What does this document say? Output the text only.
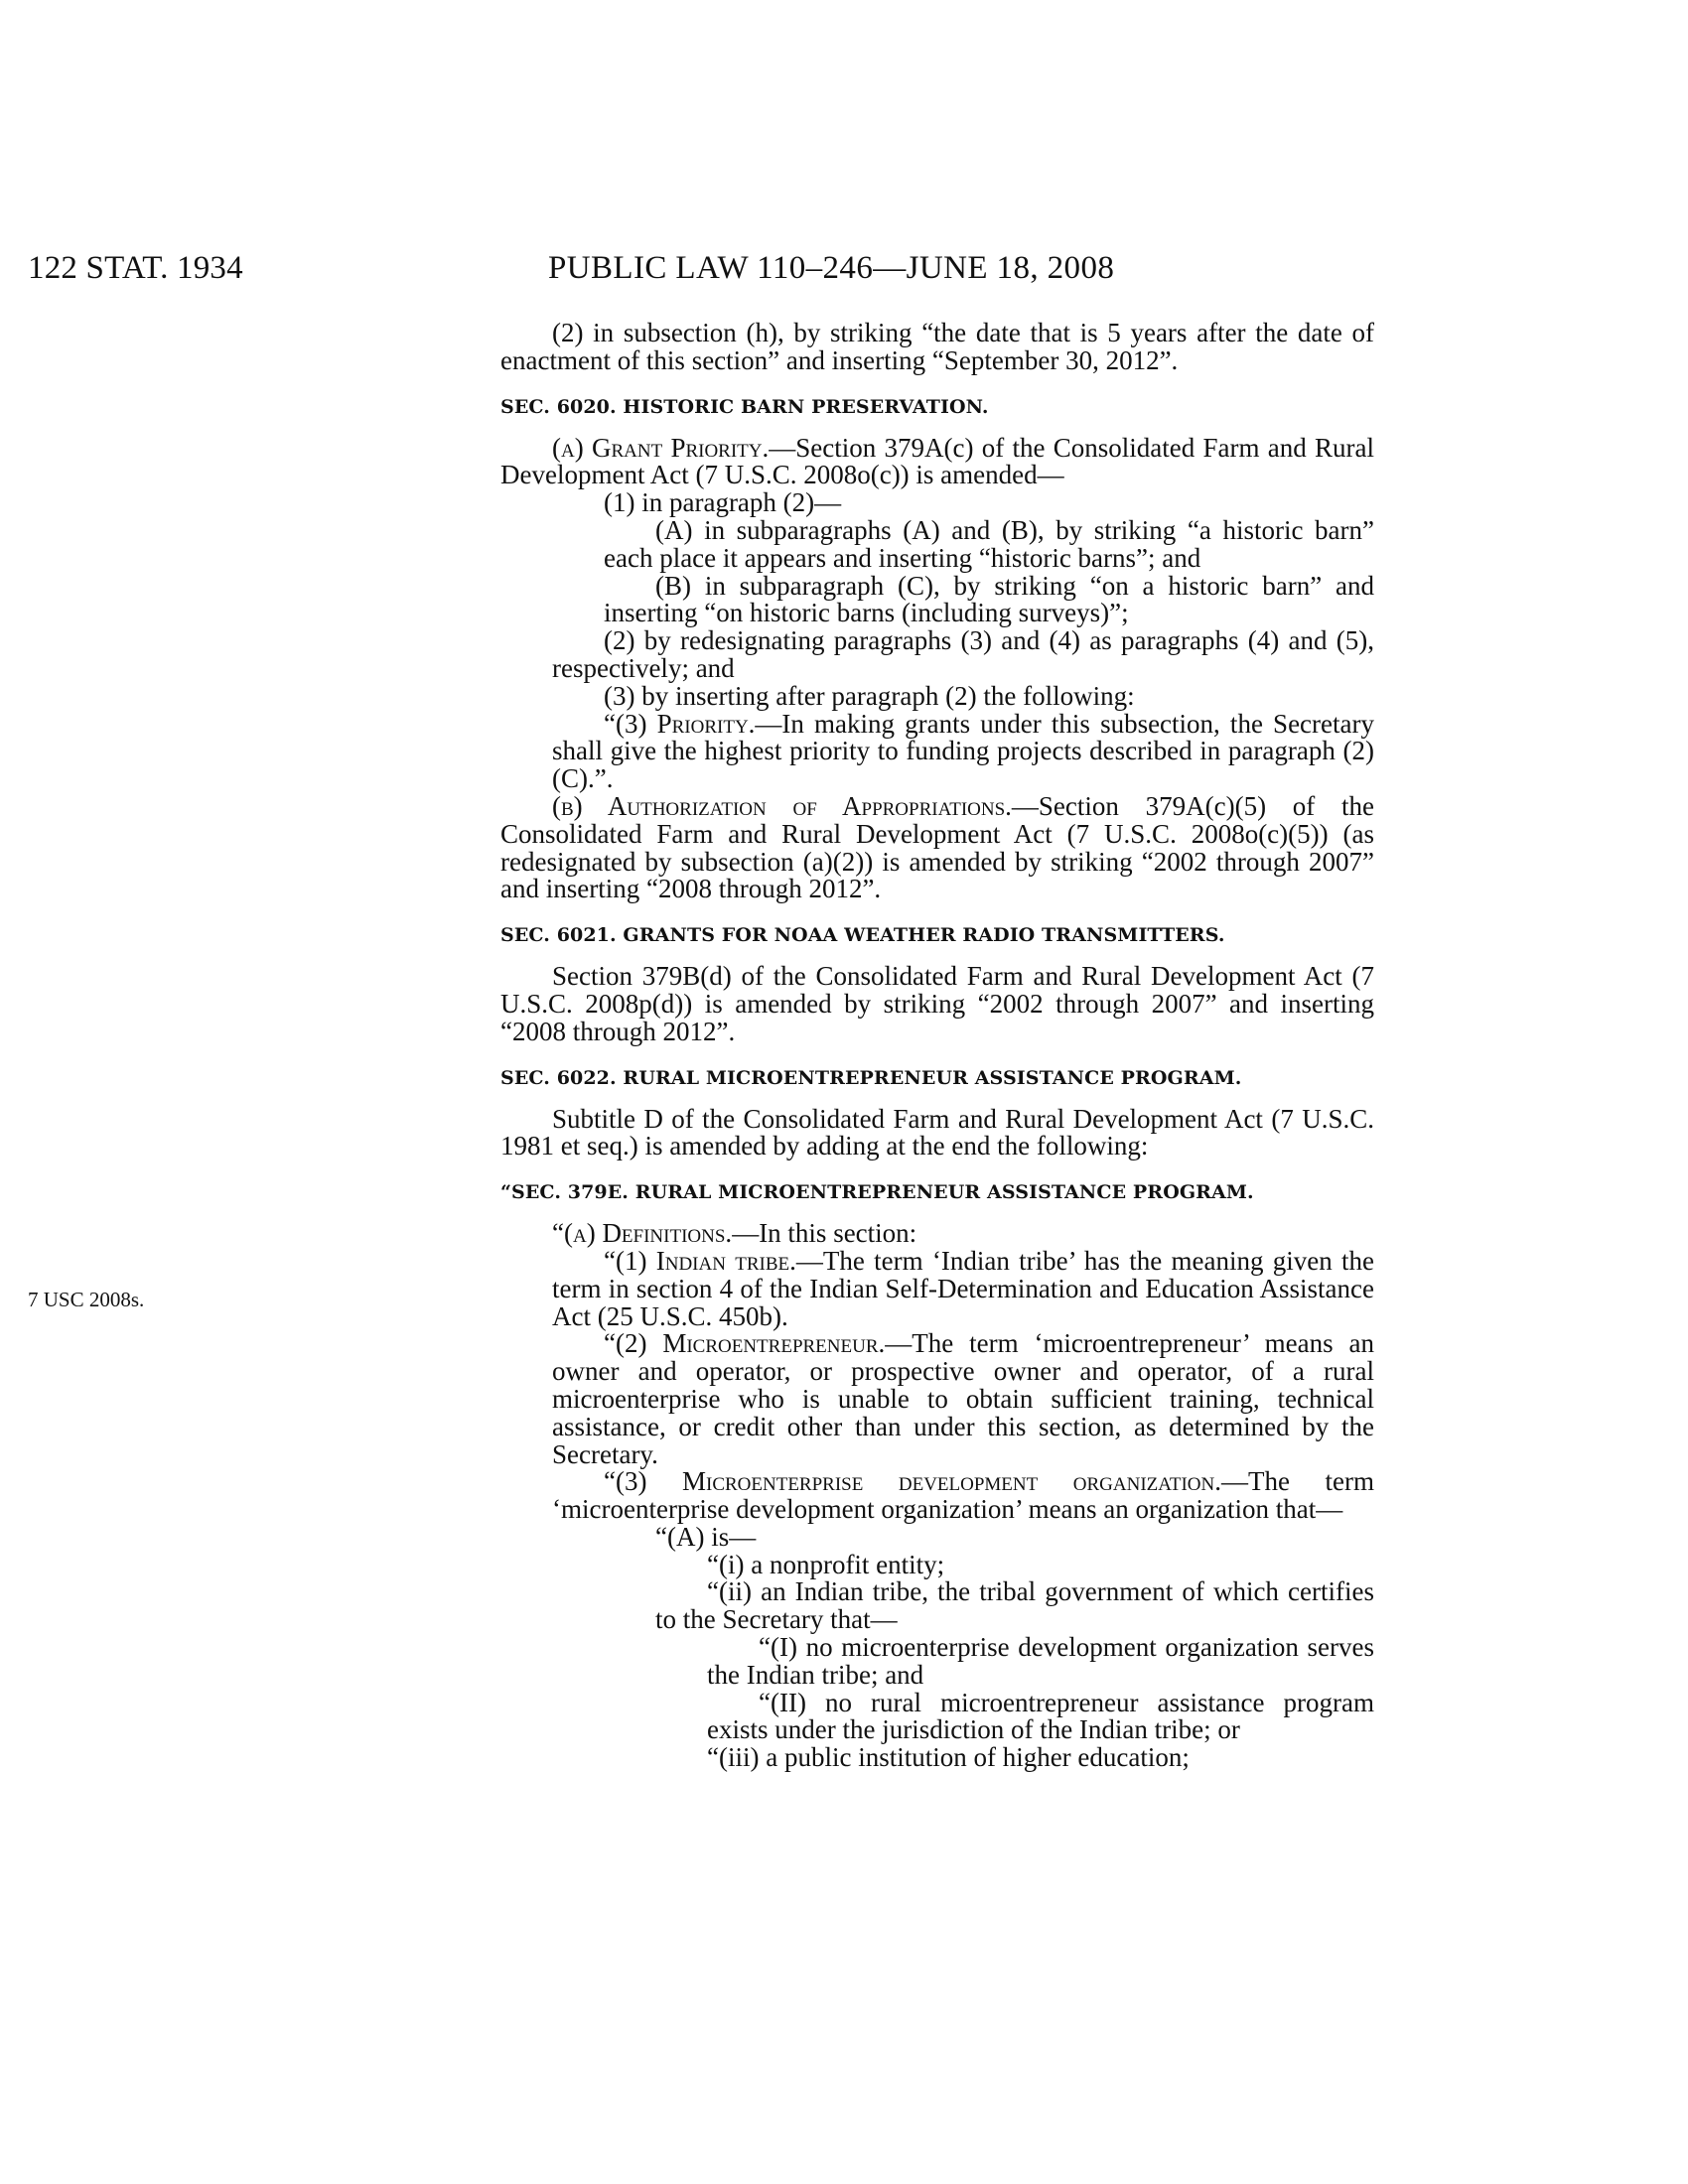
122 STAT. 1934	PUBLIC LAW 110–246—JUNE 18, 2008
7 USC 2008s.

(2) in subsection (h), by striking “the date that is 5 years after the date of enactment of this section” and inserting “September 30, 2012”.

SEC. 6020. HISTORIC BARN PRESERVATION.

(a) Grant Priority.—Section 379A(c) of the Consolidated Farm and Rural Development Act (7 U.S.C. 2008o(c)) is amended—

(1) in paragraph (2)—

(A) in subparagraphs (A) and (B), by striking “a historic barn” each place it appears and inserting “historic barns”; and

(B) in subparagraph (C), by striking “on a historic barn” and inserting “on historic barns (including surveys)”;

(2) by redesignating paragraphs (3) and (4) as paragraphs (4) and (5), respectively; and

(3) by inserting after paragraph (2) the following:

“(3) Priority.—In making grants under this subsection, the Secretary shall give the highest priority to funding projects described in paragraph (2)(C).”.

(b) Authorization of Appropriations.—Section 379A(c)(5) of the Consolidated Farm and Rural Development Act (7 U.S.C. 2008o(c)(5)) (as redesignated by subsection (a)(2)) is amended by striking “2002 through 2007” and inserting “2008 through 2012”.

SEC. 6021. GRANTS FOR NOAA WEATHER RADIO TRANSMITTERS.

Section 379B(d) of the Consolidated Farm and Rural Development Act (7 U.S.C. 2008p(d)) is amended by striking “2002 through 2007” and inserting “2008 through 2012”.

SEC. 6022. RURAL MICROENTREPRENEUR ASSISTANCE PROGRAM.

Subtitle D of the Consolidated Farm and Rural Development Act (7 U.S.C. 1981 et seq.) is amended by adding at the end the following:

“SEC. 379E. RURAL MICROENTREPRENEUR ASSISTANCE PROGRAM.

“(a) Definitions.—In this section:

“(1) Indian tribe.—The term ‘Indian tribe’ has the meaning given the term in section 4 of the Indian Self-Determination and Education Assistance Act (25 U.S.C. 450b).

“(2) Microentrepreneur.—The term ‘microentrepreneur’ means an owner and operator, or prospective owner and operator, of a rural microenterprise who is unable to obtain sufficient training, technical assistance, or credit other than under this section, as determined by the Secretary.

“(3) Microenterprise development organization.—The term ‘microenterprise development organization’ means an organization that—

“(A) is—

“(i) a nonprofit entity;

“(ii) an Indian tribe, the tribal government of which certifies to the Secretary that—

“(I) no microenterprise development organization serves the Indian tribe; and

“(II) no rural microentrepreneur assistance program exists under the jurisdiction of the Indian tribe; or

“(iii) a public institution of higher education;
